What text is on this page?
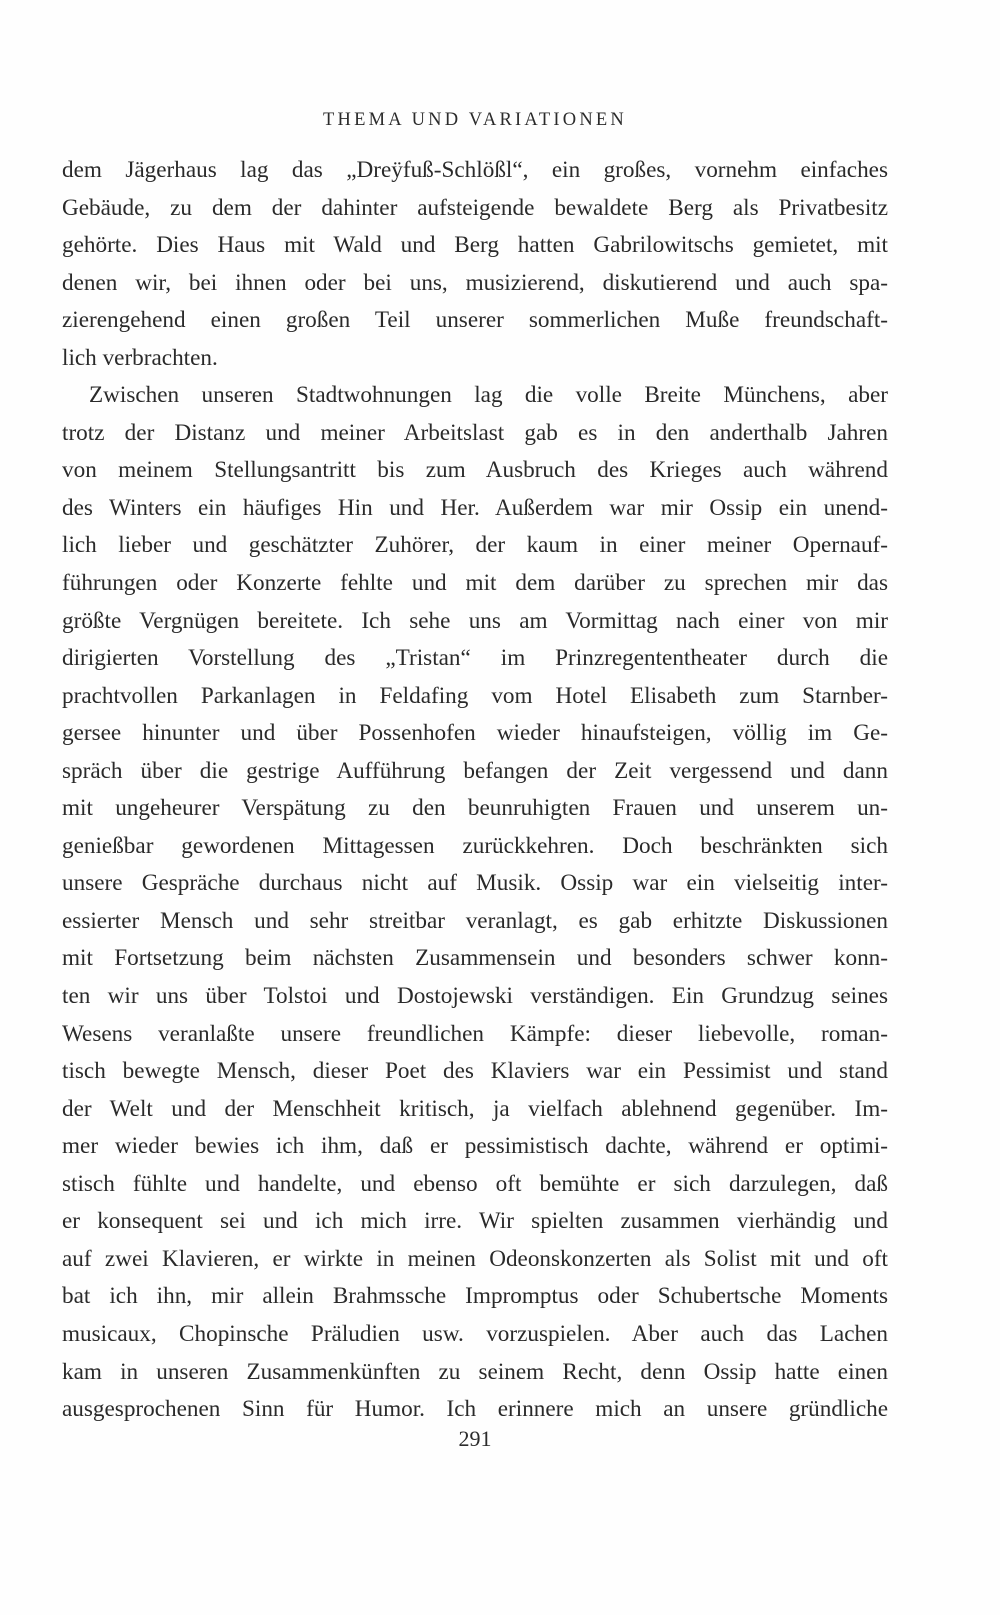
THEMA UND VARIATIONEN
dem Jägerhaus lag das „Dreÿfuß-Schlößl“, ein großes, vornehm einfaches
Gebäude, zu dem der dahinter aufsteigende bewaldete Berg als Privatbesitz
gehörte. Dies Haus mit Wald und Berg hatten Gabrilowitschs gemietet, mit
denen wir, bei ihnen oder bei uns, musizierend, diskutierend und auch spa-
zierengehend einen großen Teil unserer sommerlichen Muße freundschaft-
lich verbrachten.
Zwischen unseren Stadtwohnungen lag die volle Breite Münchens, aber
trotz der Distanz und meiner Arbeitslast gab es in den anderthalb Jahren
von meinem Stellungsantritt bis zum Ausbruch des Krieges auch während
des Winters ein häufiges Hin und Her. Außerdem war mir Ossip ein unend-
lich lieber und geschätzter Zuhörer, der kaum in einer meiner Opernauf-
führungen oder Konzerte fehlte und mit dem darüber zu sprechen mir das
größte Vergnügen bereitete. Ich sehe uns am Vormittag nach einer von mir
dirigierten Vorstellung des „Tristan“ im Prinzregententheater durch die
prachtvollen Parkanlagen in Feldafing vom Hotel Elisabeth zum Starnber-
gersee hinunter und über Possenhofen wieder hinaufsteigen, völlig im Ge-
spräch über die gestrige Aufführung befangen der Zeit vergessend und dann
mit ungeheurer Verspätung zu den beunruhigten Frauen und unserem un-
genießbar gewordenen Mittagessen zurückkehren. Doch beschränkten sich
unsere Gespräche durchaus nicht auf Musik. Ossip war ein vielseitig inter-
essierter Mensch und sehr streitbar veranlagt, es gab erhitzte Diskussionen
mit Fortsetzung beim nächsten Zusammensein und besonders schwer konn-
ten wir uns über Tolstoi und Dostojewski verständigen. Ein Grundzug seines
Wesens veranlaßte unsere freundlichen Kämpfe: dieser liebevolle, roman-
tisch bewegte Mensch, dieser Poet des Klaviers war ein Pessimist und stand
der Welt und der Menschheit kritisch, ja vielfach ablehnend gegenüber. Im-
mer wieder bewies ich ihm, daß er pessimistisch dachte, während er optimi-
stisch fühlte und handelte, und ebenso oft bemühte er sich darzulegen, daß
er konsequent sei und ich mich irre. Wir spielten zusammen vierhändig und
auf zwei Klavieren, er wirkte in meinen Odeonskonzerten als Solist mit und oft
bat ich ihn, mir allein Brahmssche Impromptus oder Schubertsche Moments
musicaux, Chopinsche Präludien usw. vorzuspielen. Aber auch das Lachen
kam in unseren Zusammenkünften zu seinem Recht, denn Ossip hatte einen
ausgesprochenen Sinn für Humor. Ich erinnere mich an unsere gründliche
291
